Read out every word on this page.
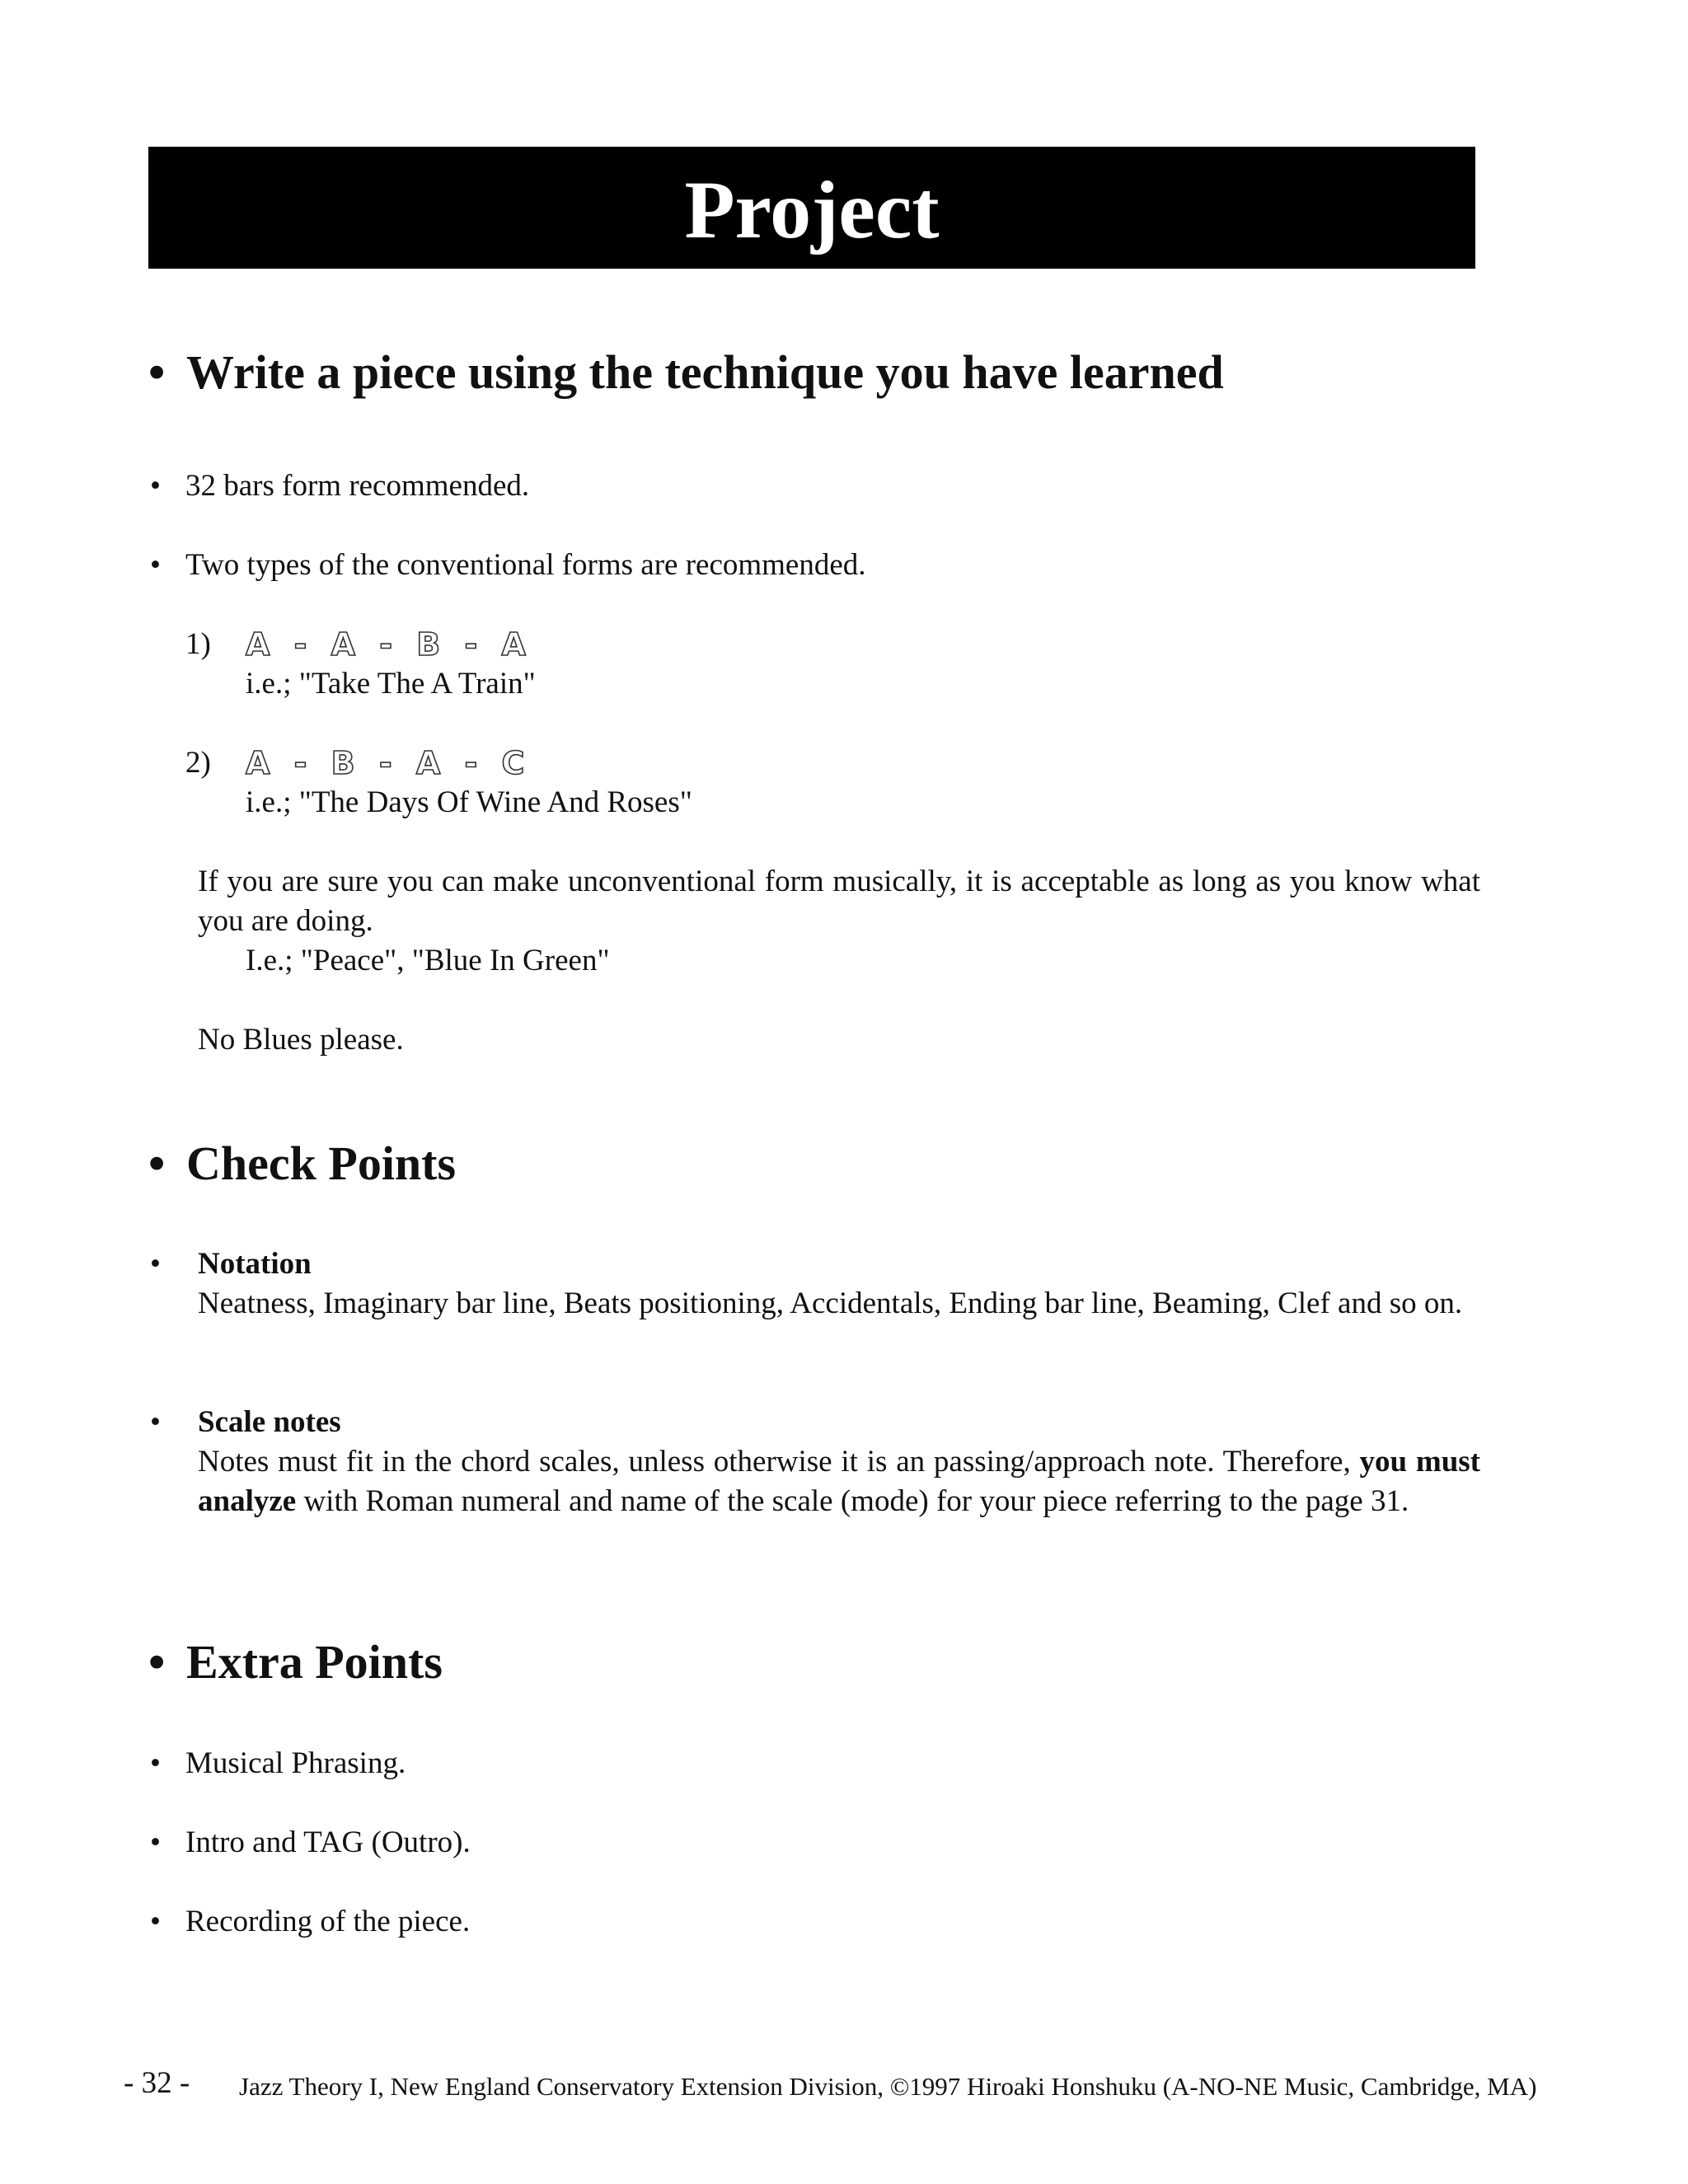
Project
• Write a piece using the technique you have learned
• 32 bars form recommended.
• Two types of the conventional forms are recommended.
1) A - A - B - A
i.e.; "Take The A Train"
2) A - B - A - C
i.e.; "The Days Of Wine And Roses"
If you are sure you can make unconventional form musically, it is acceptable as long as you know what you are doing.
I.e.; "Peace", "Blue In Green"
No Blues please.
• Check Points
• Notation
Neatness, Imaginary bar line, Beats positioning, Accidentals, Ending bar line, Beaming, Clef and so on.
• Scale notes
Notes must fit in the chord scales, unless otherwise it is an passing/approach note. Therefore, you must analyze with Roman numeral and name of the scale (mode) for your piece referring to the page 31.
• Extra Points
• Musical Phrasing.
• Intro and TAG (Outro).
• Recording of the piece.
- 32 - Jazz Theory I, New England Conservatory Extension Division, ©1997 Hiroaki Honshuku (A-NO-NE Music, Cambridge, MA)
